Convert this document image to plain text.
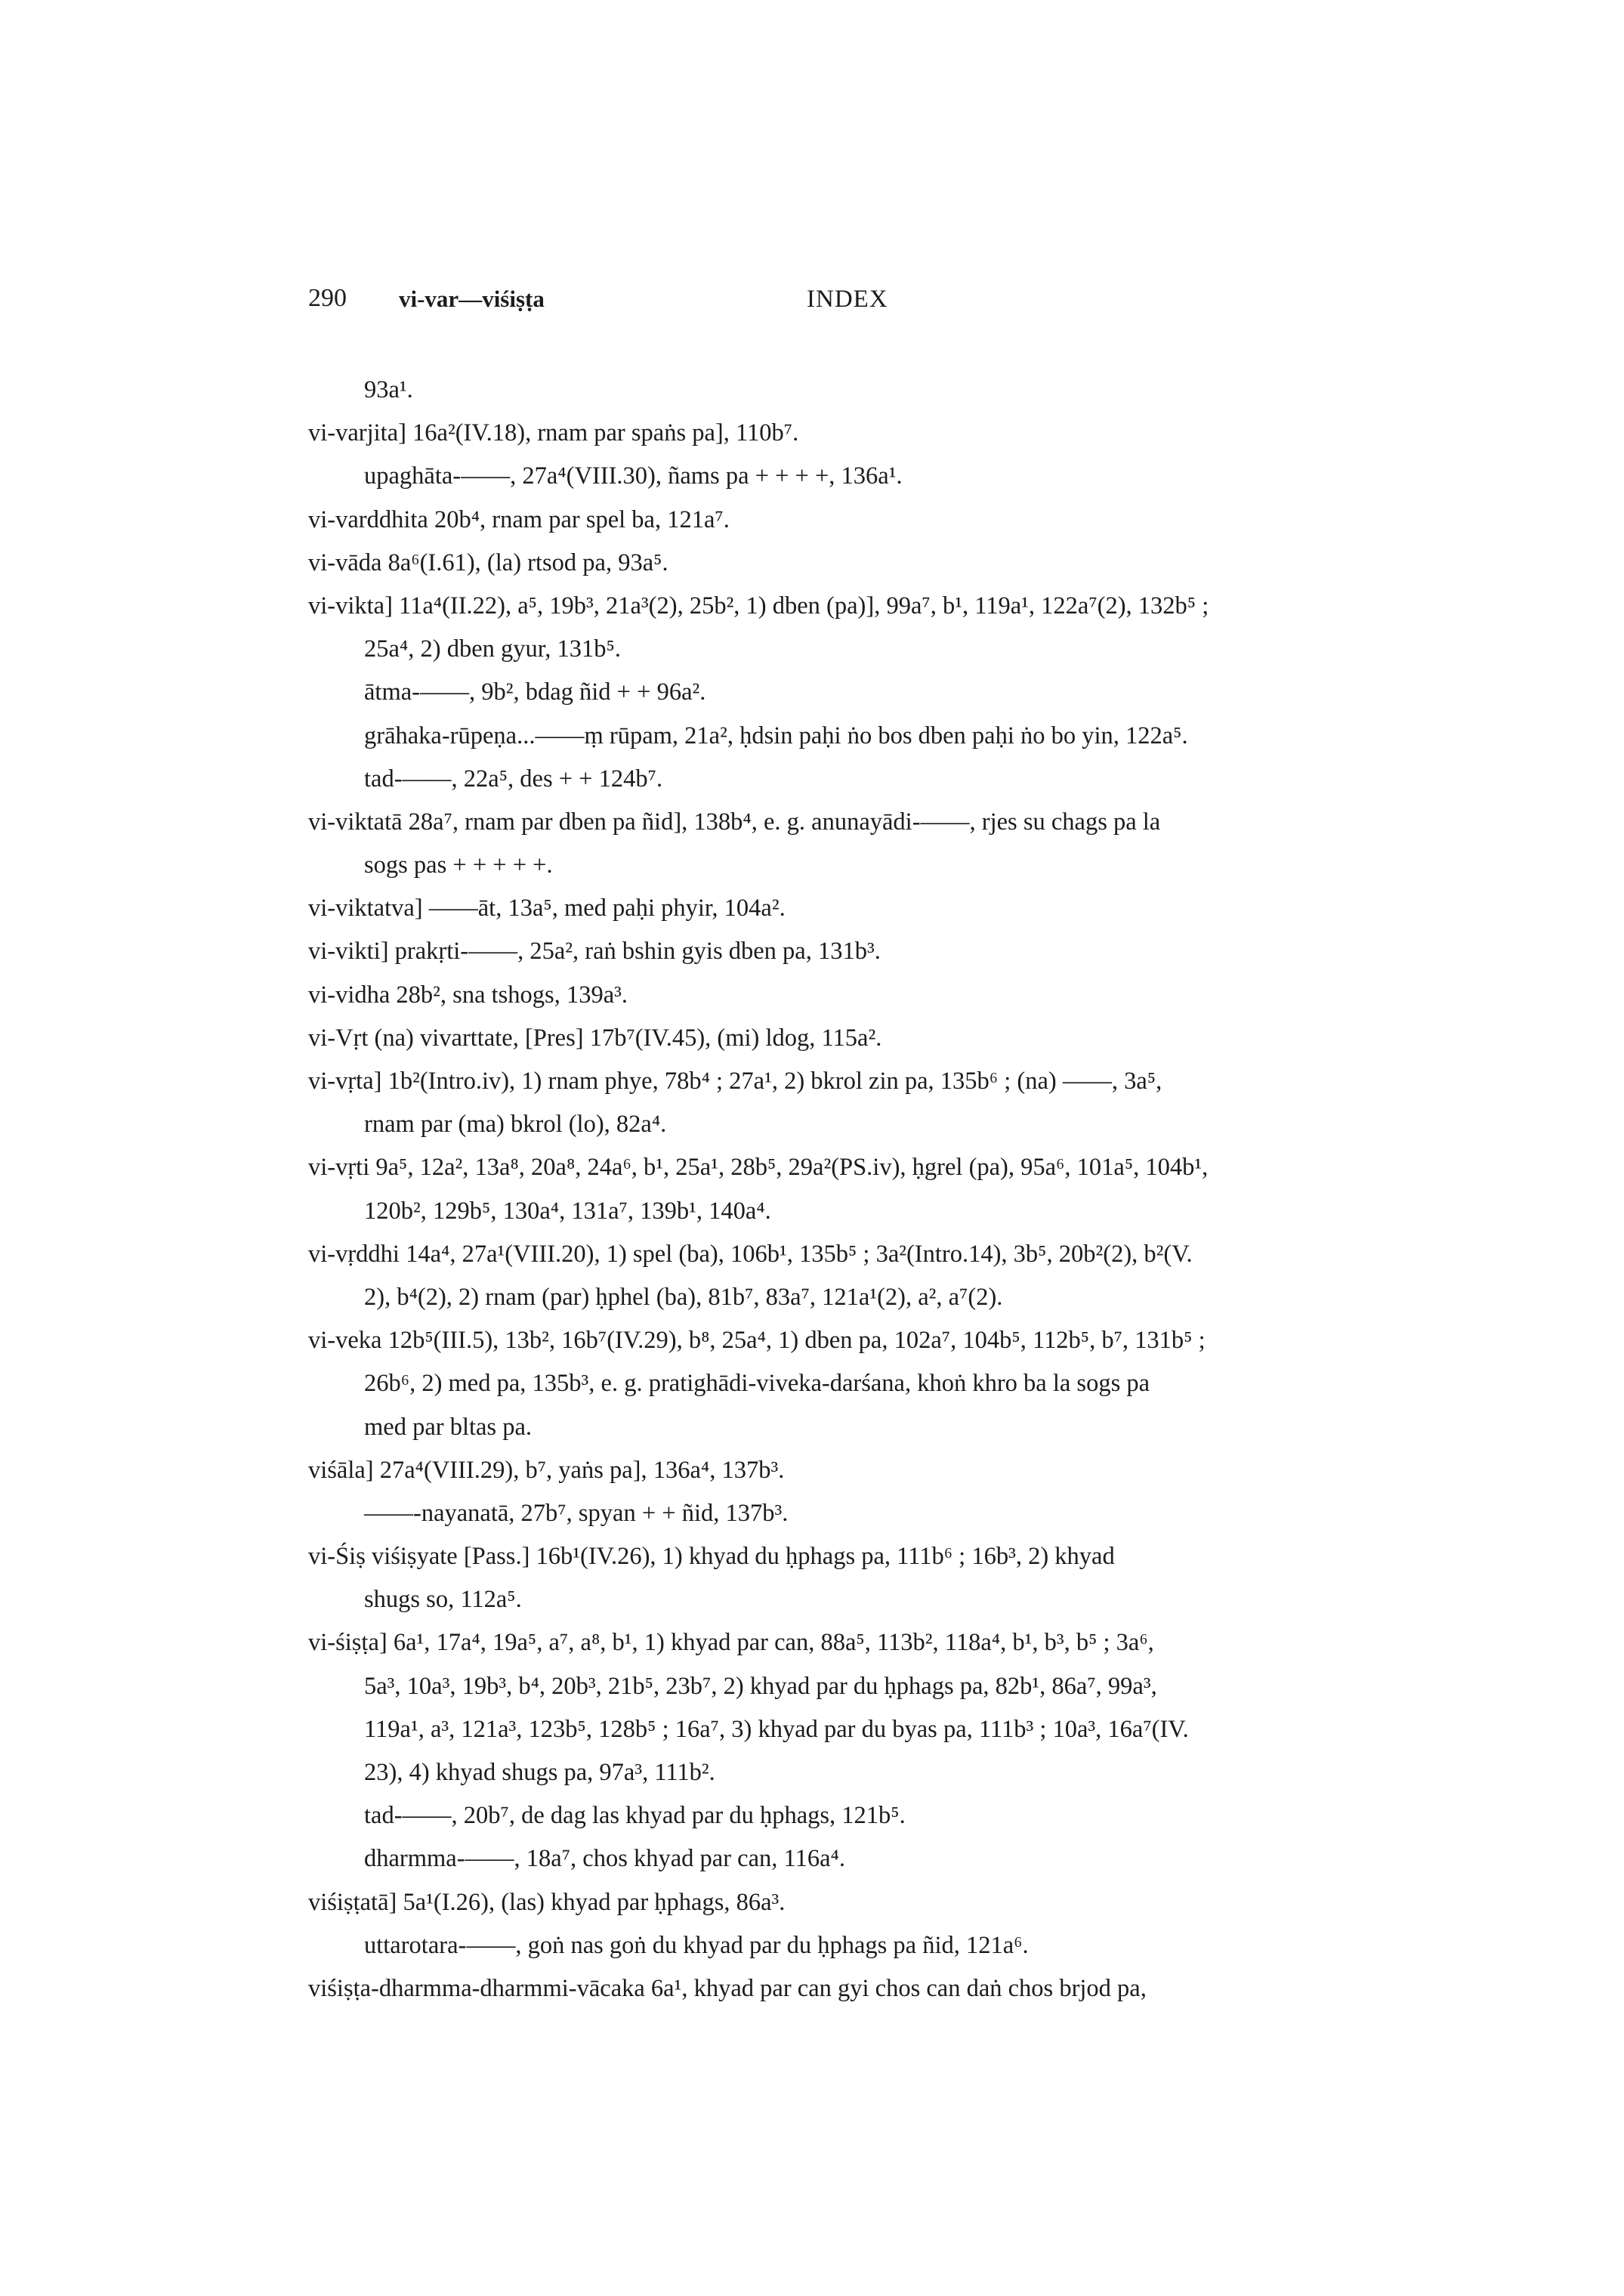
290 vi-var—viśiṣṭa	INDEX
93a¹.
vi-varjita] 16a²(IV.18), rnam par spaṅs pa], 110b⁷.
upaghāta-——, 27a⁴(VIII.30), ñams pa + + + +, 136a¹.
vi-varddhita 20b⁴, rnam par spel ba, 121a⁷.
vi-vāda 8a⁶(I.61), (la) rtsod pa, 93a⁵.
vi-vikta] 11a⁴(II.22), a⁵, 19b³, 21a³(2), 25b², 1) dben (pa)], 99a⁷, b¹, 119a¹, 122a⁷(2), 132b⁵ ;
25a⁴, 2) dben gyur, 131b⁵.
ātma-——, 9b², bdag ñid + + 96a².
grāhaka-rūpeṇa...——ṃ rūpam, 21a², ḥdsin paḥi ṅo bos dben paḥi ṅo bo yin, 122a⁵.
tad-——, 22a⁵, des + + 124b⁷.
vi-viktatā 28a⁷, rnam par dben pa ñid], 138b⁴, e. g. anunayādi-——, rjes su chags pa la
sogs pas + + + + +.
vi-viktatva] ——āt, 13a⁵, med paḥi phyir, 104a².
vi-vikti] prakṛti-——, 25a², raṅ bshin gyis dben pa, 131b³.
vi-vidha 28b², sna tshogs, 139a³.
vi-Vṛt (na) vivarttate, [Pres] 17b⁷(IV.45), (mi) ldog, 115a².
vi-vṛta] 1b²(Intro.iv), 1) rnam phye, 78b⁴ ; 27a¹, 2) bkrol zin pa, 135b⁶ ; (na) ——, 3a⁵,
rnam par (ma) bkrol (lo), 82a⁴.
vi-vṛti 9a⁵, 12a², 13a⁸, 20a⁸, 24a⁶, b¹, 25a¹, 28b⁵, 29a²(PS.iv), ḥgrel (pa), 95a⁶, 101a⁵, 104b¹,
120b², 129b⁵, 130a⁴, 131a⁷, 139b¹, 140a⁴.
vi-vṛddhi 14a⁴, 27a¹(VIII.20), 1) spel (ba), 106b¹, 135b⁵ ; 3a²(Intro.14), 3b⁵, 20b²(2), b²(V.
2), b⁴(2), 2) rnam (par) ḥphel (ba), 81b⁷, 83a⁷, 121a¹(2), a², a⁷(2).
vi-veka 12b⁵(III.5), 13b², 16b⁷(IV.29), b⁸, 25a⁴, 1) dben pa, 102a⁷, 104b⁵, 112b⁵, b⁷, 131b⁵ ;
26b⁶, 2) med pa, 135b³, e. g. pratighādi-viveka-darśana, khoṅ khro ba la sogs pa
med par bltas pa.
viśāla] 27a⁴(VIII.29), b⁷, yaṅs pa], 136a⁴, 137b³.
——-nayanatā, 27b⁷, spyan + + ñid, 137b³.
vi-Śiṣ viśiṣyate [Pass.] 16b¹(IV.26), 1) khyad du ḥphags pa, 111b⁶ ; 16b³, 2) khyad
shugs so, 112a⁵.
vi-śiṣṭa] 6a¹, 17a⁴, 19a⁵, a⁷, a⁸, b¹, 1) khyad par can, 88a⁵, 113b², 118a⁴, b¹, b³, b⁵ ; 3a⁶,
5a³, 10a³, 19b³, b⁴, 20b³, 21b⁵, 23b⁷, 2) khyad par du ḥphags pa, 82b¹, 86a⁷, 99a³,
119a¹, a³, 121a³, 123b⁵, 128b⁵ ; 16a⁷, 3) khyad par du byas pa, 111b³ ; 10a³, 16a⁷(IV.
23), 4) khyad shugs pa, 97a³, 111b².
tad-——, 20b⁷, de dag las khyad par du ḥphags, 121b⁵.
dharmma-——, 18a⁷, chos khyad par can, 116a⁴.
viśiṣṭatā] 5a¹(I.26), (las) khyad par ḥphags, 86a³.
uttarotara-——, goṅ nas goṅ du khyad par du ḥphags pa ñid, 121a⁶.
viśiṣṭa-dharmma-dharmmi-vācaka 6a¹, khyad par can gyi chos can daṅ chos brjod pa,
